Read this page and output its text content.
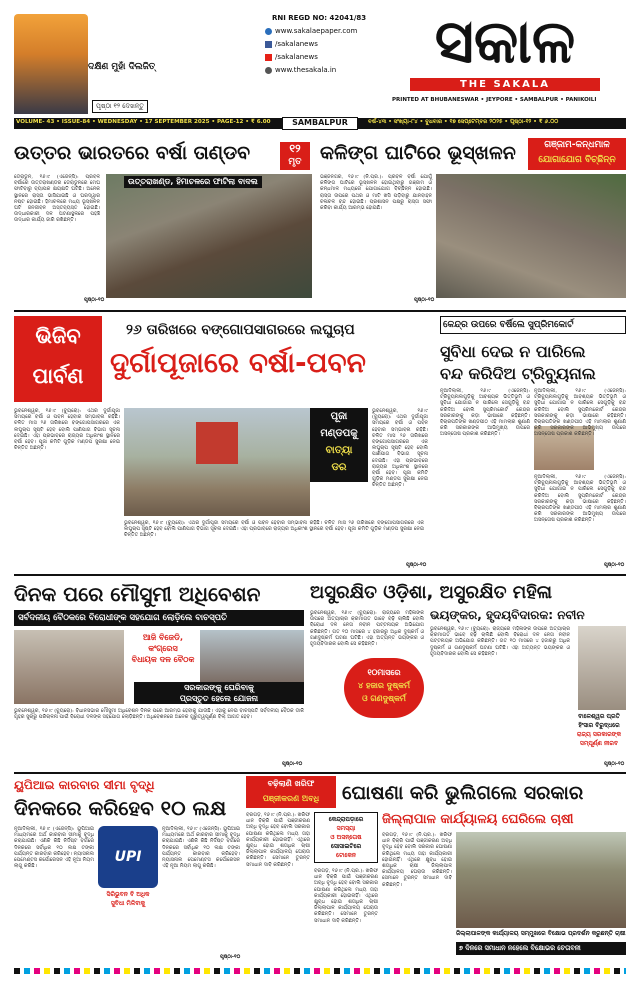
ଦକ୍ଷିଣ ମୁହାଁ ଦିଲଜିତ୍
ପୃଷ୍ଠା ୧୨ ଦେଖନ୍ତୁ
RNI REGD NO: 42041/83
www.sakalaepaper.com
/sakalanews
/sakalanews
www.thesakala.in	ସକାଳ
THE SAKALA
PRINTED AT BHUBANESWAR • JEYPORE • SAMBALPUR • PANIKOILI
VOLUME- 43 • ISSUE-84 • WEDNESDAY • 17 SEPTEMBER 2025 • PAGE-12 • ₹ 6.00	SAMBALPUR	ବର୍ଷ-୪୩ • ସଂଖ୍ୟା-୮୪ • ବୁଧବାର • ୧୭ ସେପ୍ଟେମ୍ବର ୨୦୨୫ • ପୃଷ୍ଠା-୧୨ • ₹ ୬.୦୦
ଉତ୍ତର ଭାରତରେ ବର୍ଷା ତାଣ୍ଡବ	୧୨
ମୃତ
ଡେରାଡୁନ, ୧୬।୯ (ଏଜେନ୍ସି): ପ୍ରବଳ ବର୍ଷାରେ ଉତ୍ତରାଖଣ୍ଡର ଡେରାଡୁନରେ ମେଘ ଫାଟିବାରୁ ବ୍ୟାପକ କ୍ଷୟକ୍ଷତି ଘଟିଛି। ଅନେକ ସ୍ଥାନରେ ରାସ୍ତା ଭାସିଯାଇଛି ଓ ଘରଦ୍ୱାର ନଷ୍ଟ ହୋଇଛି। ହିମାଚଳରେ ମଧ୍ୟ ଭୂସ୍ଖଳନ ଘଟି ଜନଜୀବନ ଅସ୍ତବ୍ୟସ୍ତ ହୋଇଛି। ଉଦ୍ଧାରକାରୀ ଦଳ ଘଟଣାସ୍ଥଳରେ ପହଞ୍ଚି ଉଦ୍ଧାର କାର୍ଯ୍ୟ ଜାରି ରଖିଛନ୍ତି।
ଉତ୍ତରାଖଣ୍ଡ, ହିମାଚଳରେ ଫାଟିଲା ବାଦଲ
ପୃଷ୍ଠା-୧୦
କଳିଙ୍ଗ ଘାଟିରେ ଭୂସ୍ଖଳନ	ଗଞ୍ଜାମ-କନ୍ଧମାଳ
ଯୋଗାଯୋଗ ବିଚ୍ଛିନ୍ନ
ଭଞ୍ଜନଗର, ୧୬।୯ (ନି.ପ୍ର.): ପ୍ରବଳ ବର୍ଷା ଯୋଗୁଁ କଳିଙ୍ଗ ଘାଟିରେ ଭୂସ୍ଖଳନ ହୋଇଥିବାରୁ ଗଞ୍ଜାମ ଓ କନ୍ଧମାଳ ମଧ୍ୟରେ ଯୋଗାଯୋଗ ବିଚ୍ଛିନ୍ନ ହୋଇଛି। ରାସ୍ତା ଉପରେ ପଥର ଓ ମାଟି ଖସି ପଡ଼ିବାରୁ ଯାନବାହନ ଚଳାଚଳ ବନ୍ଦ ହୋଇଛି। ପ୍ରଶାସନ ପକ୍ଷରୁ ରାସ୍ତା ସଫା କରିବା କାର୍ଯ୍ୟ ଆରମ୍ଭ ହୋଇଛି।
ପୃଷ୍ଠା-୧୦
ଭିଜିବ
ପାର୍ବଣ
୨୬ ତାରିଖରେ ବଙ୍ଗୋପସାଗରରେ ଲଘୁଚାପ
ଦୁର୍ଗାପୂଜାରେ ବର୍ଷା-ପବନ
ଭୁବନେଶ୍ୱର, ୧୬।୯ (ବ୍ୟୁରୋ): ଏଥର ଦୁର୍ଗାପୂଜା ସମୟରେ ବର୍ଷା ଓ ପବନ ହେବାର ସମ୍ଭାବନା ରହିଛି। ଚଳିତ ମାସ ୨୬ ତାରିଖରେ ବଙ୍ଗୋପସାଗରରେ ଏକ ଲଘୁଚାପ ସୃଷ୍ଟି ହେବ ବୋଲି ପାଣିପାଗ ବିଭାଗ ସୂଚନା ଦେଇଛି। ଏହା ପ୍ରଭାବରେ ରାଜ୍ୟର ଅଧିକାଂଶ ସ୍ଥାନରେ ବର୍ଷା ହେବ। ପୂଜା କମିଟି ଗୁଡ଼ିକ ମଣ୍ଡପ ସୁରକ୍ଷା ନେଇ ଚିନ୍ତିତ ଅଛନ୍ତି।
ପୂଜା
ମଣ୍ଡପକୁ
ବାତ୍ୟା
ଡର
ଭୁବନେଶ୍ୱର, ୧୬।୯ (ବ୍ୟୁରୋ): ଏଥର ଦୁର୍ଗାପୂଜା ସମୟରେ ବର୍ଷା ଓ ପବନ ହେବାର ସମ୍ଭାବନା ରହିଛି। ଚଳିତ ମାସ ୨୬ ତାରିଖରେ ବଙ୍ଗୋପସାଗରରେ ଏକ ଲଘୁଚାପ ସୃଷ୍ଟି ହେବ ବୋଲି ପାଣିପାଗ ବିଭାଗ ସୂଚନା ଦେଇଛି। ଏହା ପ୍ରଭାବରେ ରାଜ୍ୟର ଅଧିକାଂଶ ସ୍ଥାନରେ ବର୍ଷା ହେବ। ପୂଜା କମିଟି ଗୁଡ଼ିକ ମଣ୍ଡପ ସୁରକ୍ଷା ନେଇ ଚିନ୍ତିତ ଅଛନ୍ତି।
ଭୁବନେଶ୍ୱର, ୧୬।୯ (ବ୍ୟୁରୋ): ଏଥର ଦୁର୍ଗାପୂଜା ସମୟରେ ବର୍ଷା ଓ ପବନ ହେବାର ସମ୍ଭାବନା ରହିଛି। ଚଳିତ ମାସ ୨୬ ତାରିଖରେ ବଙ୍ଗୋପସାଗରରେ ଏକ ଲଘୁଚାପ ସୃଷ୍ଟି ହେବ ବୋଲି ପାଣିପାଗ ବିଭାଗ ସୂଚନା ଦେଇଛି। ଏହା ପ୍ରଭାବରେ ରାଜ୍ୟର ଅଧିକାଂଶ ସ୍ଥାନରେ ବର୍ଷା ହେବ। ପୂଜା କମିଟି ଗୁଡ଼ିକ ମଣ୍ଡପ ସୁରକ୍ଷା ନେଇ ଚିନ୍ତିତ ଅଛନ୍ତି।
ପୃଷ୍ଠା-୧୦
କେନ୍ଦ୍ର ଉପରେ ବର୍ଷିଲେ ସୁପ୍ରିମକୋର୍ଟ
ସୁବିଧା ଦେଇ ନ ପାରିଲେ
ବନ୍ଦ କରିଦିଅ ଟ୍ରିବ୍ୟୁନାଲ
ନୂଆଦିଲ୍ଲୀ, ୧୬।୯ (ଏଜେନ୍ସି): ଟ୍ରିବ୍ୟୁନାଲଗୁଡ଼ିକୁ ଆବଶ୍ୟକ ଭିତ୍ତିଭୂମି ଓ ସୁବିଧା ଯୋଗାଇ ନ ପାରିଲେ ସେଗୁଡ଼ିକୁ ବନ୍ଦ କରିଦିଅ ବୋଲି ସୁପ୍ରିମକୋର୍ଟ କେନ୍ଦ୍ର ସରକାରଙ୍କୁ କଡ଼ା ଭାଷାରେ କହିଛନ୍ତି। ବିଚାରପତିଙ୍କ ଖଣ୍ଡପୀଠ ଏହି ମାମଲାର ଶୁଣାଣି କରି ସରକାରଙ୍କ ଆଭିମୁଖ୍ୟ ଉପରେ ଅସନ୍ତୋଷ ପ୍ରକାଶ କରିଛନ୍ତି।
ନୂଆଦିଲ୍ଲୀ, ୧୬।୯ (ଏଜେନ୍ସି): ଟ୍ରିବ୍ୟୁନାଲଗୁଡ଼ିକୁ ଆବଶ୍ୟକ ଭିତ୍ତିଭୂମି ଓ ସୁବିଧା ଯୋଗାଇ ନ ପାରିଲେ ସେଗୁଡ଼ିକୁ ବନ୍ଦ କରିଦିଅ ବୋଲି ସୁପ୍ରିମକୋର୍ଟ କେନ୍ଦ୍ର ସରକାରଙ୍କୁ କଡ଼ା ଭାଷାରେ କହିଛନ୍ତି। ବିଚାରପତିଙ୍କ ଖଣ୍ଡପୀଠ ଏହି ମାମଲାର ଶୁଣାଣି କରି ସରକାରଙ୍କ ଆଭିମୁଖ୍ୟ ଉପରେ ଅସନ୍ତୋଷ ପ୍ରକାଶ କରିଛନ୍ତି।
ନୂଆଦିଲ୍ଲୀ, ୧୬।୯ (ଏଜେନ୍ସି): ଟ୍ରିବ୍ୟୁନାଲଗୁଡ଼ିକୁ ଆବଶ୍ୟକ ଭିତ୍ତିଭୂମି ଓ ସୁବିଧା ଯୋଗାଇ ନ ପାରିଲେ ସେଗୁଡ଼ିକୁ ବନ୍ଦ କରିଦିଅ ବୋଲି ସୁପ୍ରିମକୋର୍ଟ କେନ୍ଦ୍ର ସରକାରଙ୍କୁ କଡ଼ା ଭାଷାରେ କହିଛନ୍ତି। ବିଚାରପତିଙ୍କ ଖଣ୍ଡପୀଠ ଏହି ମାମଲାର ଶୁଣାଣି କରି ସରକାରଙ୍କ ଆଭିମୁଖ୍ୟ ଉପରେ ଅସନ୍ତୋଷ ପ୍ରକାଶ କରିଛନ୍ତି।
ପୃଷ୍ଠା-୧୦
ଦିନକ ପରେ ମୌସୁମୀ ଅଧିବେଶନ
ସର୍ବଦଳୀୟ ବୈଠକରେ ବିରୋଧୀଙ୍କ ସହଯୋଗ ଲୋଡ଼ିଲେ ବାଚସ୍ପତି
ଆଜି ବିଜେଡି, କଂଗ୍ରେସ
ବିଧାୟକ ଦଳ ବୈଠକ
ସରକାରଙ୍କୁ ଘେରିବାକୁ
ପ୍ରସ୍ତୁତ ହେଲେ ଯୋଜନା
ଭୁବନେଶ୍ୱର, ୧୬।୯ (ବ୍ୟୁରୋ): ବିଧାନସଭାର ମୌସୁମୀ ଅଧିବେଶନ ଦିନକ ପରେ ଆରମ୍ଭ ହେବାକୁ ଯାଉଛି। ଏହାକୁ ନେଇ ବାଚସ୍ପତି ସର୍ବଦଳୀୟ ବୈଠକ ଡାକି ଗୃହର ସୁଚାରୁ ପରିଚାଳନା ପାଇଁ ବିରୋଧୀ ଦଳଙ୍କ ସହଯୋଗ ଲୋଡ଼ିଛନ୍ତି। ଅଧିବେଶନରେ ଅନେକ ଗୁରୁତ୍ୱପୂର୍ଣ୍ଣ ବିଲ୍ ଆଗତ ହେବ।
ପୃଷ୍ଠା-୧୦
ଅସୁରକ୍ଷିତ ଓଡ଼ିଶା, ଅସୁରକ୍ଷିତ ମହିଳା
ଭୟଙ୍କର, ହୃଦୟବିଦାରକ: ନବୀନ
ଭୁବନେଶ୍ୱର, ୧୬।୯ (ବ୍ୟୁରୋ): ରାଜ୍ୟରେ ମହିଳାଙ୍କ ଉପରେ ଅତ୍ୟାଚାର କ୍ରମାଗତ ଭାବେ ବଢ଼ି ଚାଲିଛି ବୋଲି ବିରୋଧୀ ଦଳ ନେତା ନବୀନ ପଟ୍ଟନାୟକ ଅଭିଯୋଗ କରିଛନ୍ତି। ଗତ ୧୦ ମାସରେ ୪ ହଜାରରୁ ଅଧିକ ଦୁଷ୍କର୍ମ ଓ ଗଣଦୁଷ୍କର୍ମ ଘଟଣା ଘଟିଛି। ଏହା ଅତ୍ୟନ୍ତ ଭୟଙ୍କର ଓ ହୃଦୟବିଦାରକ ବୋଲି ସେ କହିଛନ୍ତି।
୧୦ମାସରେ
୪ ହଜାର ଦୁଷ୍କର୍ମ
ଓ ଗଣଦୁଷ୍କର୍ମ
ଭୁବନେଶ୍ୱର, ୧୬।୯ (ବ୍ୟୁରୋ): ରାଜ୍ୟରେ ମହିଳାଙ୍କ ଉପରେ ଅତ୍ୟାଚାର କ୍ରମାଗତ ଭାବେ ବଢ଼ି ଚାଲିଛି ବୋଲି ବିରୋଧୀ ଦଳ ନେତା ନବୀନ ପଟ୍ଟନାୟକ ଅଭିଯୋଗ କରିଛନ୍ତି। ଗତ ୧୦ ମାସରେ ୪ ହଜାରରୁ ଅଧିକ ଦୁଷ୍କର୍ମ ଓ ଗଣଦୁଷ୍କର୍ମ ଘଟଣା ଘଟିଛି। ଏହା ଅତ୍ୟନ୍ତ ଭୟଙ୍କର ଓ ହୃଦୟବିଦାରକ ବୋଲି ସେ କହିଛନ୍ତି।
ବାଳେଶ୍ୱର ପ୍ରତି
ହିଂସାର ବିରୁଦ୍ଧରେ
ରାଜ୍ୟ ସରକାରଙ୍କ
ସମ୍ପୂର୍ଣ୍ଣ ନୀରବ
ପୃଷ୍ଠା-୧୦
ୟୁପିଆଇ କାରବାର ସୀମା ବୃଦ୍ଧି
ଦିନକରେ କରିହେବ ୧୦ ଲକ୍ଷ
ନୂଆଦିଲ୍ଲୀ, ୧୬।୯ (ଏଜେନ୍ସି): ୟୁପିଆଇ ମାଧ୍ୟମରେ ଅର୍ଥ କାରବାର ସୀମାକୁ ବୃଦ୍ଧି କରାଯାଇଛି। ଏଣିକି କିଛି ନିର୍ଦ୍ଦିଷ୍ଟ ବର୍ଗରେ ଦିନକରେ ସର୍ବାଧିକ ୧୦ ଲକ୍ଷ ଟଙ୍କା ପର୍ଯ୍ୟନ୍ତ କାରବାର କରିହେବ। ନ୍ୟାସନାଲ ପେମେଣ୍ଟସ କର୍ପୋରେସନ ଏହି ନୂଆ ନିୟମ ଲାଗୁ କରିଛି।
UPI
ସିରିଭୁବନ ବି ଅଧିକ
ସୁବିଧା ମିଳିବାକୁ
ନୂଆଦିଲ୍ଲୀ, ୧୬।୯ (ଏଜେନ୍ସି): ୟୁପିଆଇ ମାଧ୍ୟମରେ ଅର୍ଥ କାରବାର ସୀମାକୁ ବୃଦ୍ଧି କରାଯାଇଛି। ଏଣିକି କିଛି ନିର୍ଦ୍ଦିଷ୍ଟ ବର୍ଗରେ ଦିନକରେ ସର୍ବାଧିକ ୧୦ ଲକ୍ଷ ଟଙ୍କା ପର୍ଯ୍ୟନ୍ତ କାରବାର କରିହେବ। ନ୍ୟାସନାଲ ପେମେଣ୍ଟସ କର୍ପୋରେସନ ଏହି ନୂଆ ନିୟମ ଲାଗୁ କରିଛି।
ପୃଷ୍ଠା-୧୦
ବଢ଼ିଲାଣି ଖରିଫ
ପଞ୍ଜୀକରଣ ଅବଧି	ଘୋଷଣା କରି ଭୁଲିଗଲେ ସରକାର
ଜିଲ୍ଲାପାଳ କାର୍ଯ୍ୟାଳୟ ଘେରିଲେ ଚାଷୀ
ବରଗଡ଼, ୧୬।୯ (ନି.ପ୍ର.): ଖରିଫ ଧାନ ବିକ୍ରି ପାଇଁ ପଞ୍ଜୀକରଣ ଅବଧି ବୃଦ୍ଧି ହେବ ବୋଲି ସରକାର ଘୋଷଣା କରିଥିଲେ ମଧ୍ୟ ତାହା କାର୍ଯ୍ୟକାରୀ ହୋଇନାହିଁ। ଏଥିରେ କ୍ଷୁବ୍ଧ ହୋଇ ଶତାଧିକ ଚାଷୀ ଜିଲ୍ଲାପାଳ କାର୍ଯ୍ୟାଳୟ ଘେରାଉ କରିଛନ୍ତି। ସେମାନେ ତୁରନ୍ତ ସମାଧାନ ଦାବି କରିଛନ୍ତି।
କେନ୍ଦ୍ରାପଡ଼ାରେ
ସମସ୍ୟା
ଓ ଅସନ୍ତୋଷ
ସୋସାଇଟିରେ
ଟୋକେନ
ବରଗଡ଼, ୧୬।୯ (ନି.ପ୍ର.): ଖରିଫ ଧାନ ବିକ୍ରି ପାଇଁ ପଞ୍ଜୀକରଣ ଅବଧି ବୃଦ୍ଧି ହେବ ବୋଲି ସରକାର ଘୋଷଣା କରିଥିଲେ ମଧ୍ୟ ତାହା କାର୍ଯ୍ୟକାରୀ ହୋଇନାହିଁ। ଏଥିରେ କ୍ଷୁବ୍ଧ ହୋଇ ଶତାଧିକ ଚାଷୀ ଜିଲ୍ଲାପାଳ କାର୍ଯ୍ୟାଳୟ ଘେରାଉ କରିଛନ୍ତି। ସେମାନେ ତୁରନ୍ତ ସମାଧାନ ଦାବି କରିଛନ୍ତି।
ବରଗଡ଼, ୧୬।୯ (ନି.ପ୍ର.): ଖରିଫ ଧାନ ବିକ୍ରି ପାଇଁ ପଞ୍ଜୀକରଣ ଅବଧି ବୃଦ୍ଧି ହେବ ବୋଲି ସରକାର ଘୋଷଣା କରିଥିଲେ ମଧ୍ୟ ତାହା କାର୍ଯ୍ୟକାରୀ ହୋଇନାହିଁ। ଏଥିରେ କ୍ଷୁବ୍ଧ ହୋଇ ଶତାଧିକ ଚାଷୀ ଜିଲ୍ଲାପାଳ କାର୍ଯ୍ୟାଳୟ ଘେରାଉ କରିଛନ୍ତି। ସେମାନେ ତୁରନ୍ତ ସମାଧାନ ଦାବି କରିଛନ୍ତି।
ଜିଲ୍ଲାପାଳଙ୍କ କାର୍ଯ୍ୟାଳୟ ସମ୍ମୁଖରେ ବିକ୍ଷୋଭ ପ୍ରଦର୍ଶନ କରୁଛନ୍ତି ଚାଷୀ
୭ ଦିନରେ ସମାଧାନ ନହେଲେ ବିକ୍ଷୋଭର ଚେତାବନୀ
